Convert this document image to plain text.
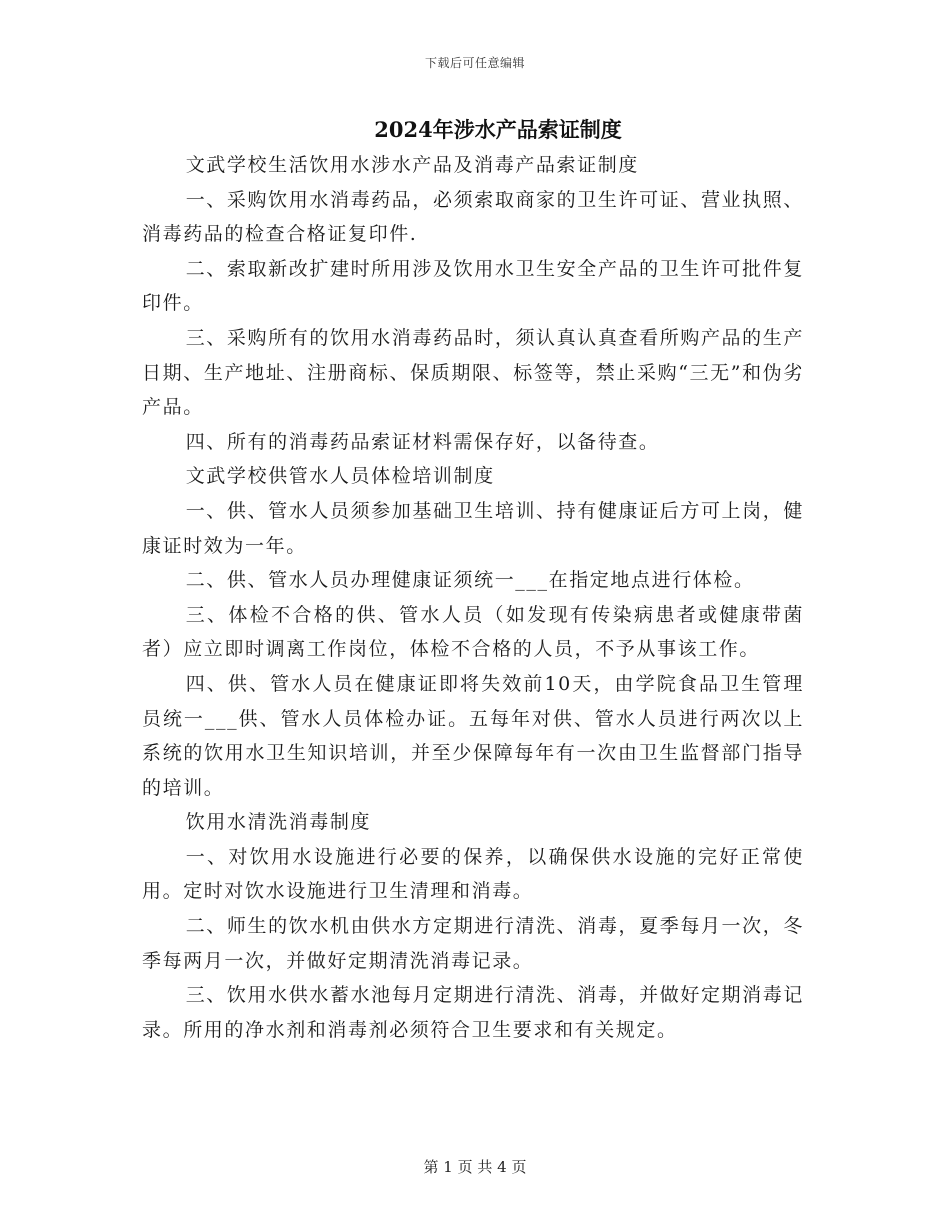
下载后可任意编辑
2024年涉水产品索证制度

文武学校生活饮用水涉水产品及消毒产品索证制度

一、采购饮用水消毒药品，必须索取商家的卫生许可证、营业执照、消毒药品的检查合格证复印件.

二、索取新改扩建时所用涉及饮用水卫生安全产品的卫生许可批件复印件。

三、采购所有的饮用水消毒药品时，须认真认真查看所购产品的生产日期、生产地址、注册商标、保质期限、标签等，禁止采购“三无”和伪劣产品。

四、所有的消毒药品索证材料需保存好，以备待查。

文武学校供管水人员体检培训制度

一、供、管水人员须参加基础卫生培训、持有健康证后方可上岗，健康证时效为一年。

二、供、管水人员办理健康证须统一___在指定地点进行体检。

三、体检不合格的供、管水人员（如发现有传染病患者或健康带菌者）应立即时调离工作岗位，体检不合格的人员，不予从事该工作。

四、供、管水人员在健康证即将失效前10天，由学院食品卫生管理员统一___供、管水人员体检办证。五每年对供、管水人员进行两次以上系统的饮用水卫生知识培训，并至少保障每年有一次由卫生监督部门指导的培训。

饮用水清洗消毒制度

一、对饮用水设施进行必要的保养，以确保供水设施的完好正常使用。定时对饮水设施进行卫生清理和消毒。

二、师生的饮水机由供水方定期进行清洗、消毒，夏季每月一次，冬季每两月一次，并做好定期清洗消毒记录。

三、饮用水供水蓄水池每月定期进行清洗、消毒，并做好定期消毒记录。所用的净水剂和消毒剂必须符合卫生要求和有关规定。

第 1 页 共 4 页
